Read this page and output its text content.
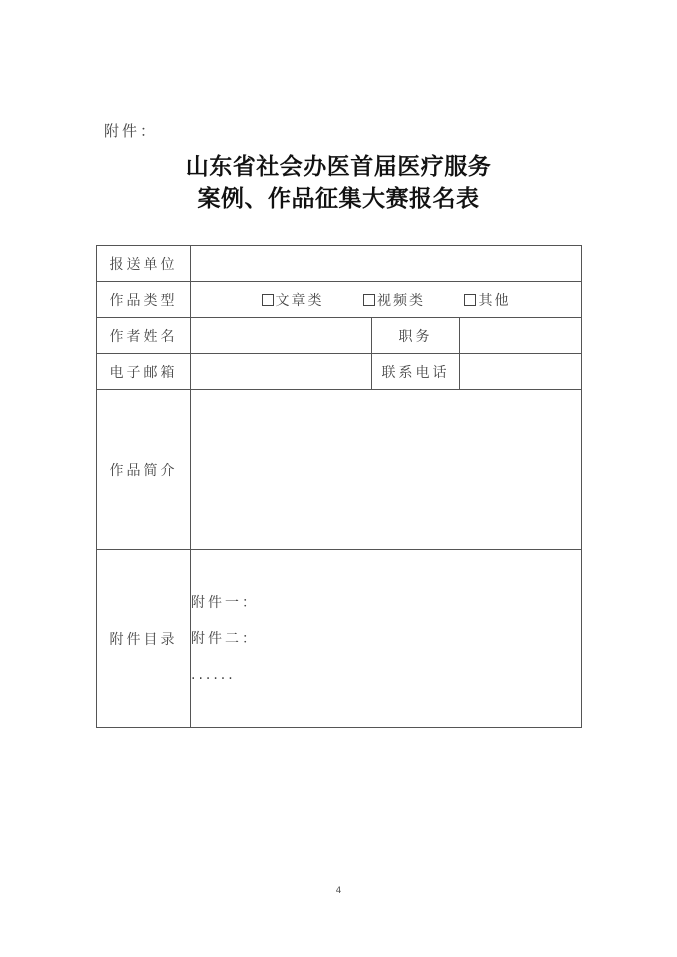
附件：
山东省社会办医首届医疗服务
案例、作品征集大赛报名表
报送单位			
作品类型	文章类 视频类 其他		
作者姓名		职务	
电子邮箱		联系电话	
作品简介			
附件目录	附件一：
附件二：
......		
4
